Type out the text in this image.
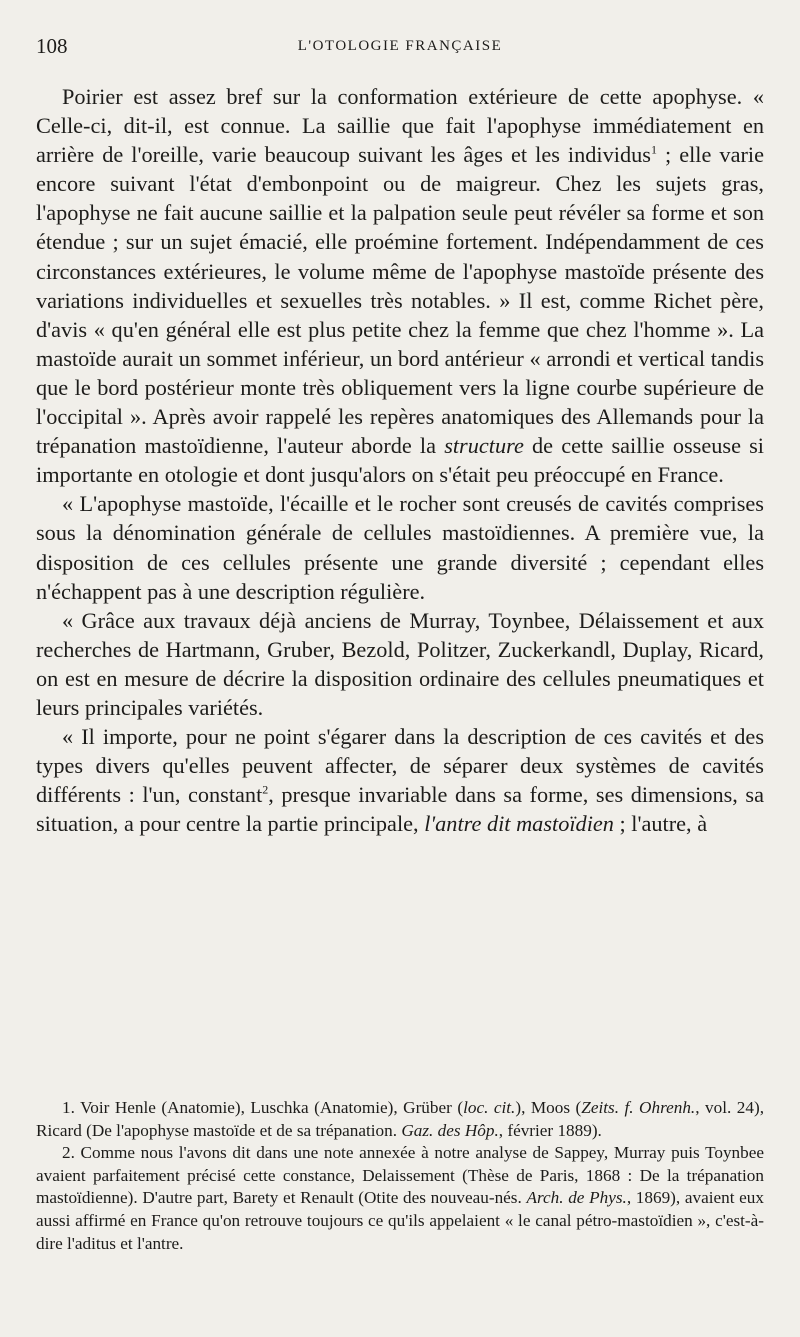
108	L'OTOLOGIE FRANÇAISE

Poirier est assez bref sur la conformation extérieure de cette apophyse. « Celle-ci, dit-il, est connue. La saillie que fait l'apophyse immédiatement en arrière de l'oreille, varie beaucoup suivant les âges et les individus$^1$ ; elle varie encore suivant l'état d'embonpoint ou de maigreur. Chez les sujets gras, l'apophyse ne fait aucune saillie et la palpation seule peut révéler sa forme et son étendue ; sur un sujet émacié, elle proémine fortement. Indépendamment de ces circonstances extérieures, le volume même de l'apophyse mastoïde présente des variations individuelles et sexuelles très notables. » Il est, comme Richet père, d'avis « qu'en général elle est plus petite chez la femme que chez l'homme ». La mastoïde aurait un sommet inférieur, un bord antérieur « arrondi et vertical tandis que le bord postérieur monte très obliquement vers la ligne courbe supérieure de l'occipital ». Après avoir rappelé les repères anatomiques des Allemands pour la trépanation mastoïdienne, l'auteur aborde la structure de cette saillie osseuse si importante en otologie et dont jusqu'alors on s'était peu préoccupé en France.

« L'apophyse mastoïde, l'écaille et le rocher sont creusés de cavités comprises sous la dénomination générale de cellules mastoïdiennes. A première vue, la disposition de ces cellules présente une grande diversité ; cependant elles n'échappent pas à une description régulière.

« Grâce aux travaux déjà anciens de Murray, Toynbee, Délaissement et aux recherches de Hartmann, Gruber, Bezold, Politzer, Zuckerkandl, Duplay, Ricard, on est en mesure de décrire la disposition ordinaire des cellules pneumatiques et leurs principales variétés.

« Il importe, pour ne point s'égarer dans la description de ces cavités et des types divers qu'elles peuvent affecter, de séparer deux systèmes de cavités différents : l'un, constant$^2$, presque invariable dans sa forme, ses dimensions, sa situation, a pour centre la partie principale, l'antre dit mastoïdien ; l'autre, à

1. Voir Henle (Anatomie), Luschka (Anatomie), Grüber (loc. cit.), Moos (Zeits. f. Ohrenh., vol. 24), Ricard (De l'apophyse mastoïde et de sa trépanation. Gaz. des Hôp., février 1889).

2. Comme nous l'avons dit dans une note annexée à notre analyse de Sappey, Murray puis Toynbee avaient parfaitement précisé cette constance, Delaissement (Thèse de Paris, 1868 : De la trépanation mastoïdienne). D'autre part, Barety et Renault (Otite des nouveau-nés. Arch. de Phys., 1869), avaient eux aussi affirmé en France qu'on retrouve toujours ce qu'ils appelaient « le canal pétro-mastoïdien », c'est-à-dire l'aditus et l'antre.
